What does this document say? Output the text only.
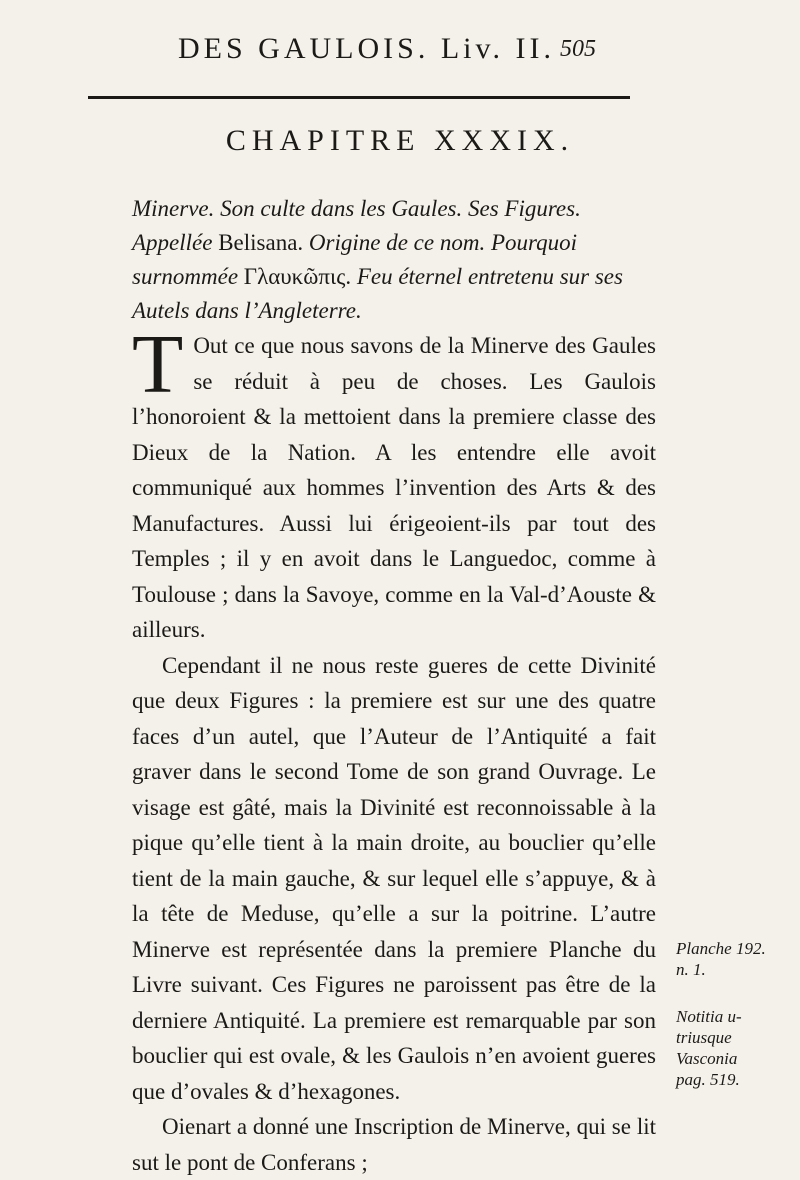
DES GAULOIS. Liv. II. 505
CHAPITRE XXXIX.
Minerve. Son culte dans les Gaules. Ses Figures. Appellée Belisana. Origine de ce nom. Pourquoi surnommée Γλαυκῶπις. Feu éternel entretenu sur ses Autels dans l’Angleterre.

T Out ce que nous savons de la Minerve des Gaules se réduit à peu de choses. Les Gaulois l’honoroient & la mettoient dans la premiere classe des Dieux de la Nation. A les entendre elle avoit communiqué aux hommes l’invention des Arts & des Manufactures. Aussi lui érigeoient-ils par tout des Temples ; il y en avoit dans le Languedoc, comme à Toulouse ; dans la Savoye, comme en la Val-d’Aouste & ailleurs.

Cependant il ne nous reste gueres de cette Divinité que deux Figures : la premiere est sur une des quatre faces d’un autel, que l’Auteur de l’Antiquité a fait graver dans le second Tome de son grand Ouvrage. Le visage est gâté, mais la Divinité est reconnoissable à la pique qu’elle tient à la main droite, au bouclier qu’elle tient de la main gauche, & sur lequel elle s’appuye, & à la tête de Meduse, qu’elle a sur la poitrine. L’autre Minerve est représentée dans la premiere Planche du Livre suivant. Ces Figures ne paroissent pas être de la derniere Antiquité. La premiere est remarquable par son bouclier qui est ovale, & les Gaulois n’en avoient gueres que d’ovales & d’hexagones.

Oienart a donné une Inscription de Minerve, qui se lit sut le pont de Conferans ;

Planche 192.
n. 1.
Notitia u-
triusque
Vasconia
pag. 519.
